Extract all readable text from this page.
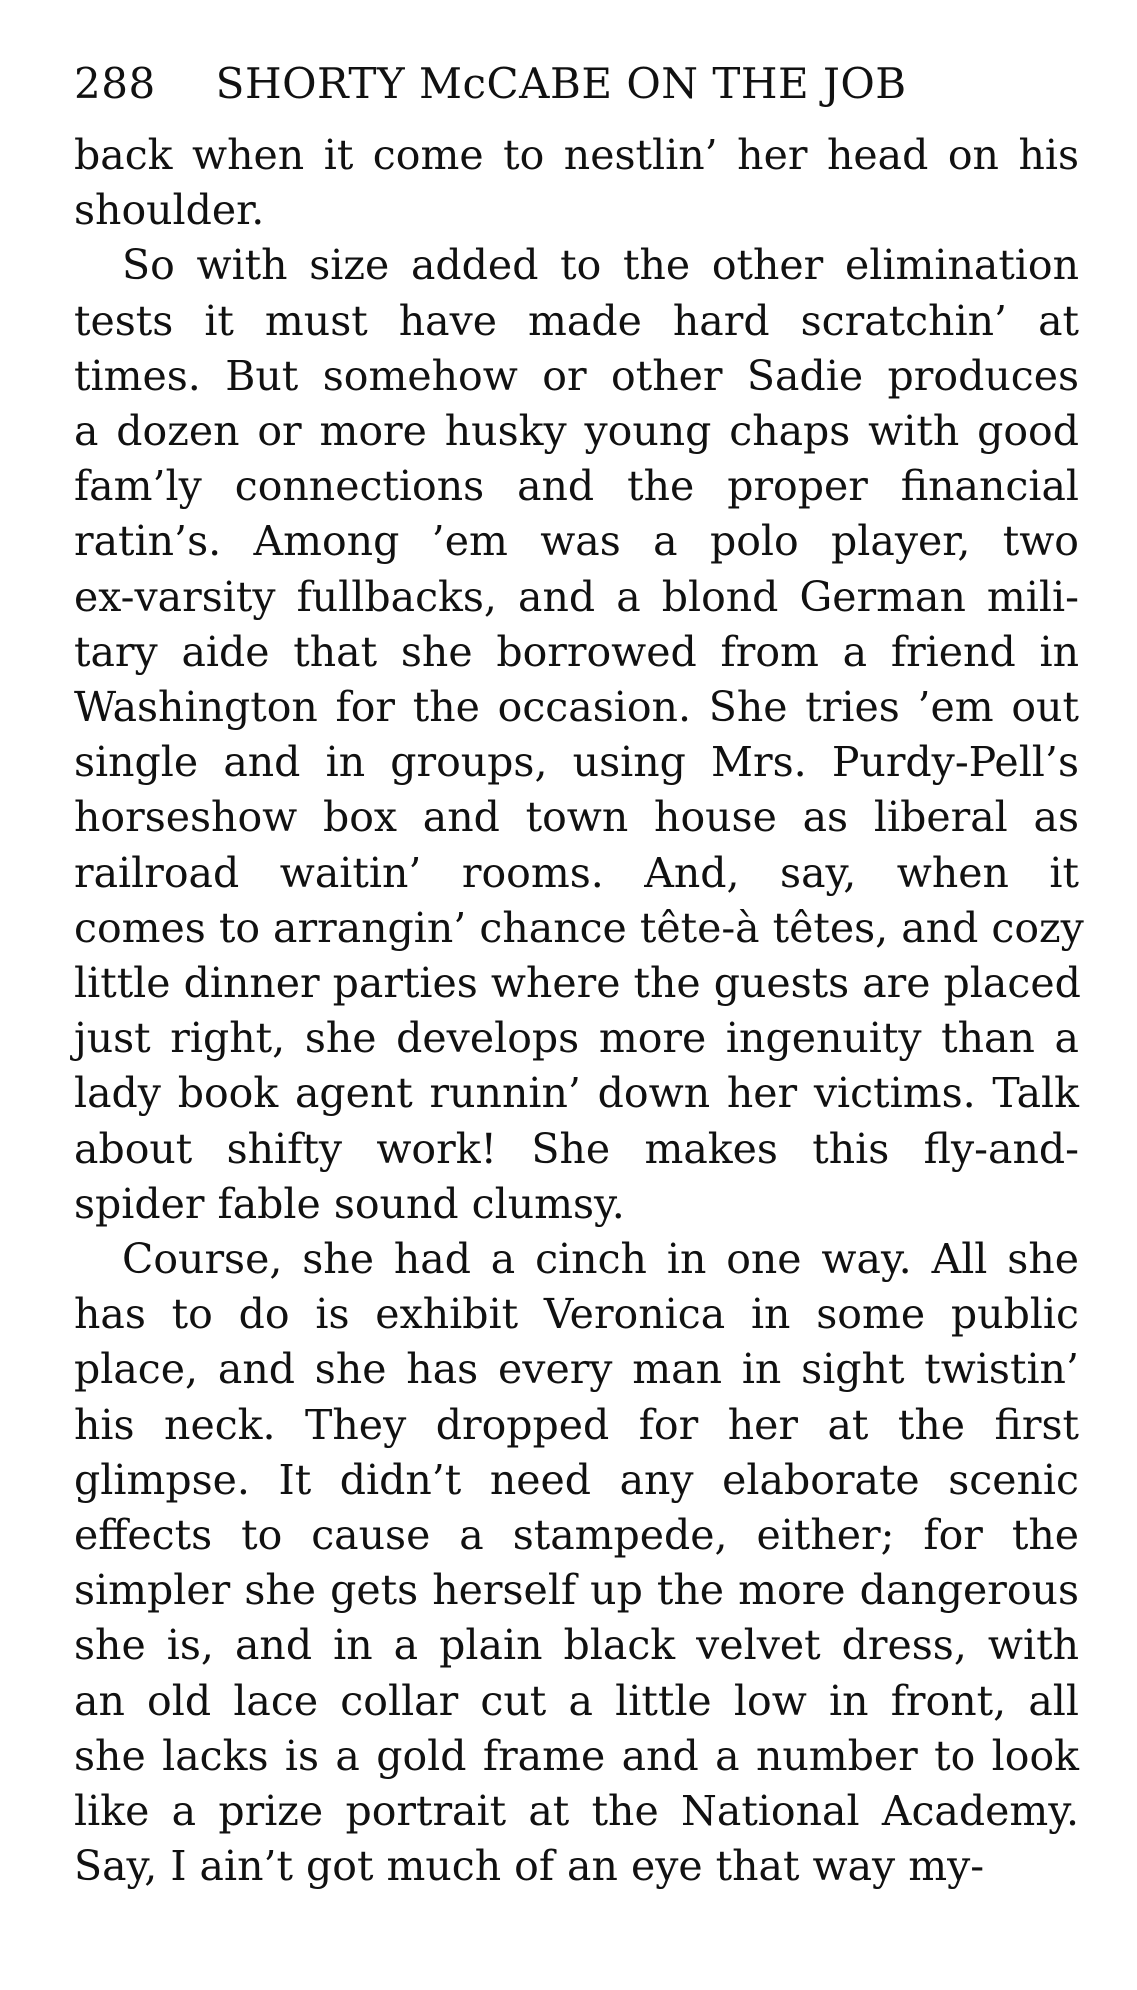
288 SHORTY McCABE ON THE JOB

back when it come to nestlin’ her head on his
shoulder.

So with size added to the other elimination
tests it must have made hard scratchin’ at
times. But somehow or other Sadie produces
a dozen or more husky young chaps with good
fam’ly connections and the proper financial
ratin’s. Among ’em was a polo player, two
ex-varsity fullbacks, and a blond German mili-
tary aide that she borrowed from a friend in
Washington for the occasion. She tries ’em out
single and in groups, using Mrs. Purdy-Pell’s
horseshow box and town house as liberal as
railroad waitin’ rooms. And, say, when it
comes to arrangin’ chance tête-à têtes, and cozy
little dinner parties where the guests are placed
just right, she develops more ingenuity than a
lady book agent runnin’ down her victims. Talk
about shifty work! She makes this fly-and-
spider fable sound clumsy.

Course, she had a cinch in one way. All she
has to do is exhibit Veronica in some public
place, and she has every man in sight twistin’
his neck. They dropped for her at the first
glimpse. It didn’t need any elaborate scenic
effects to cause a stampede, either; for the
simpler she gets herself up the more dangerous
she is, and in a plain black velvet dress, with
an old lace collar cut a little low in front, all
she lacks is a gold frame and a number to look
like a prize portrait at the National Academy.
Say, I ain’t got much of an eye that way my-
